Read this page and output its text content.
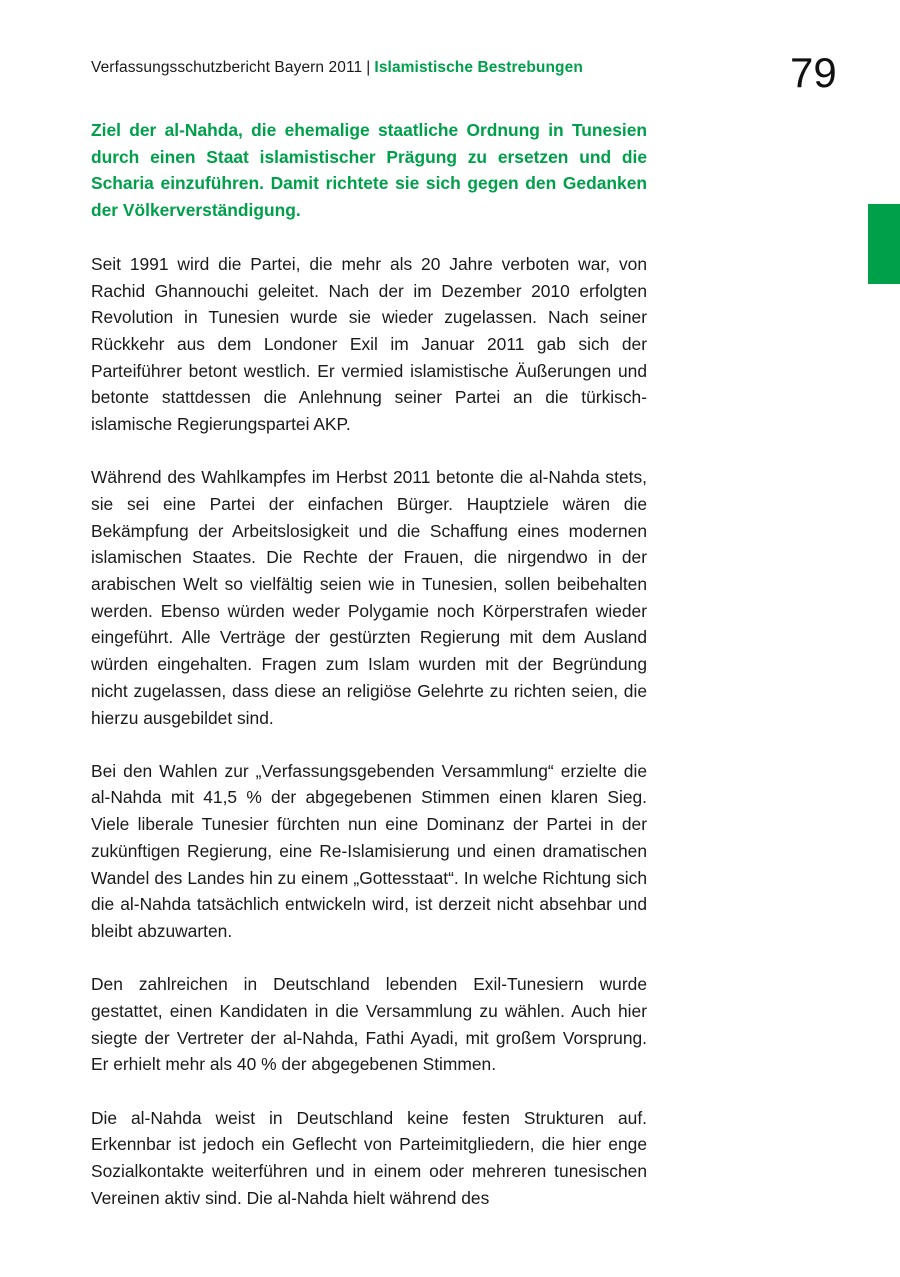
Verfassungsschutzbericht Bayern 2011 | Islamistische Bestrebungen	79

Ziel der al-Nahda, die ehemalige staatliche Ordnung in Tunesien durch einen Staat islamistischer Prägung zu ersetzen und die Scharia einzuführen. Damit richtete sie sich gegen den Gedanken der Völkerverständigung.

Seit 1991 wird die Partei, die mehr als 20 Jahre verboten war, von Rachid Ghannouchi geleitet. Nach der im Dezember 2010 erfolgten Revolution in Tunesien wurde sie wieder zugelassen. Nach seiner Rückkehr aus dem Londoner Exil im Januar 2011 gab sich der Parteiführer betont westlich. Er vermied islamistische Äußerungen und betonte stattdessen die Anlehnung seiner Partei an die türkisch-islamische Regierungspartei AKP.

Während des Wahlkampfes im Herbst 2011 betonte die al-Nahda stets, sie sei eine Partei der einfachen Bürger. Hauptziele wären die Bekämpfung der Arbeitslosigkeit und die Schaffung eines modernen islamischen Staates. Die Rechte der Frauen, die nirgendwo in der arabischen Welt so vielfältig seien wie in Tunesien, sollen beibehalten werden. Ebenso würden weder Polygamie noch Körperstrafen wieder eingeführt. Alle Verträge der gestürzten Regierung mit dem Ausland würden eingehalten. Fragen zum Islam wurden mit der Begründung nicht zugelassen, dass diese an religiöse Gelehrte zu richten seien, die hierzu ausgebildet sind.

Bei den Wahlen zur „Verfassungsgebenden Versammlung“ erzielte die al-Nahda mit 41,5 % der abgegebenen Stimmen einen klaren Sieg. Viele liberale Tunesier fürchten nun eine Dominanz der Partei in der zukünftigen Regierung, eine Re-Islamisierung und einen dramatischen Wandel des Landes hin zu einem „Gottesstaat“. In welche Richtung sich die al-Nahda tatsächlich entwickeln wird, ist derzeit nicht absehbar und bleibt abzuwarten.

Den zahlreichen in Deutschland lebenden Exil-Tunesiern wurde gestattet, einen Kandidaten in die Versammlung zu wählen. Auch hier siegte der Vertreter der al-Nahda, Fathi Ayadi, mit großem Vorsprung. Er erhielt mehr als 40 % der abgegebenen Stimmen.

Die al-Nahda weist in Deutschland keine festen Strukturen auf. Erkennbar ist jedoch ein Geflecht von Parteimitgliedern, die hier enge Sozialkontakte weiterführen und in einem oder mehreren tunesischen Vereinen aktiv sind. Die al-Nahda hielt während des
